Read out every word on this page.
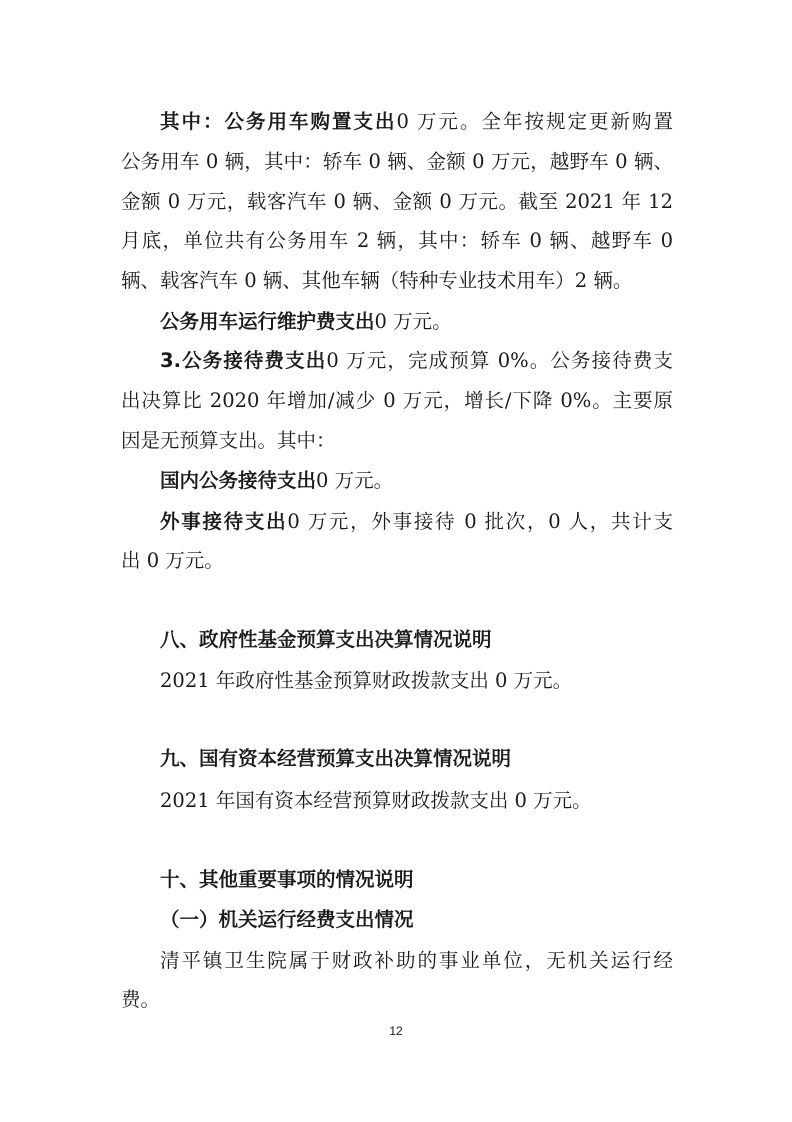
其中：公务用车购置支出0 万元。全年按规定更新购置
公务用车 0 辆，其中：轿车 0 辆、金额 0 万元，越野车 0 辆、
金额 0 万元，载客汽车 0 辆、金额 0 万元。截至 2021 年 12
月底，单位共有公务用车 2 辆，其中：轿车 0 辆、越野车 0
辆、载客汽车 0 辆、其他车辆（特种专业技术用车）2 辆。
公务用车运行维护费支出0 万元。
3.公务接待费支出0 万元，完成预算 0%。公务接待费支
出决算比 2020 年增加/减少 0 万元，增长/下降 0%。主要原
因是无预算支出。其中：
国内公务接待支出0 万元。
外事接待支出0 万元，外事接待 0 批次，0 人，共计支
出 0 万元。
八、政府性基金预算支出决算情况说明
2021 年政府性基金预算财政拨款支出 0 万元。
九、国有资本经营预算支出决算情况说明
2021 年国有资本经营预算财政拨款支出 0 万元。
十、其他重要事项的情况说明
（一）机关运行经费支出情况
清平镇卫生院属于财政补助的事业单位，无机关运行经
费。
12
